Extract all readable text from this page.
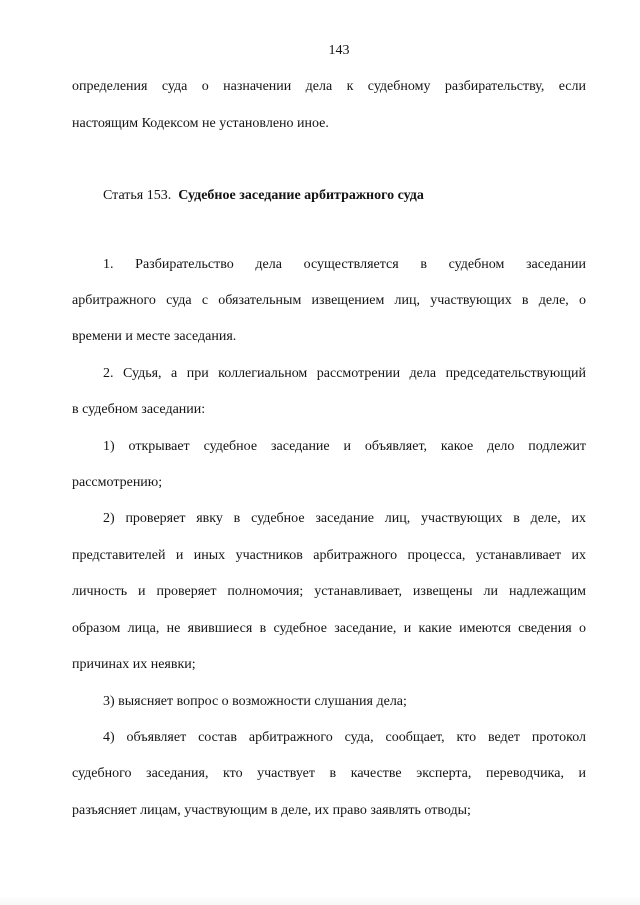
143
определения суда о назначении дела к судебному разбирательству, если
настоящим Кодексом не установлено иное.
Статья 153. Судебное заседание арбитражного суда
1. Разбирательство дела осуществляется в судебном заседании
арбитражного суда с обязательным извещением лиц, участвующих в деле, о
времени и месте заседания.
2. Судья, а при коллегиальном рассмотрении дела председательствующий
в судебном заседании:
1) открывает судебное заседание и объявляет, какое дело подлежит
рассмотрению;
2) проверяет явку в судебное заседание лиц, участвующих в деле, их
представителей и иных участников арбитражного процесса, устанавливает их
личность и проверяет полномочия; устанавливает, извещены ли надлежащим
образом лица, не явившиеся в судебное заседание, и какие имеются сведения о
причинах их неявки;
3) выясняет вопрос о возможности слушания дела;
4) объявляет состав арбитражного суда, сообщает, кто ведет протокол
судебного заседания, кто участвует в качестве эксперта, переводчика, и
разъясняет лицам, участвующим в деле, их право заявлять отводы;
